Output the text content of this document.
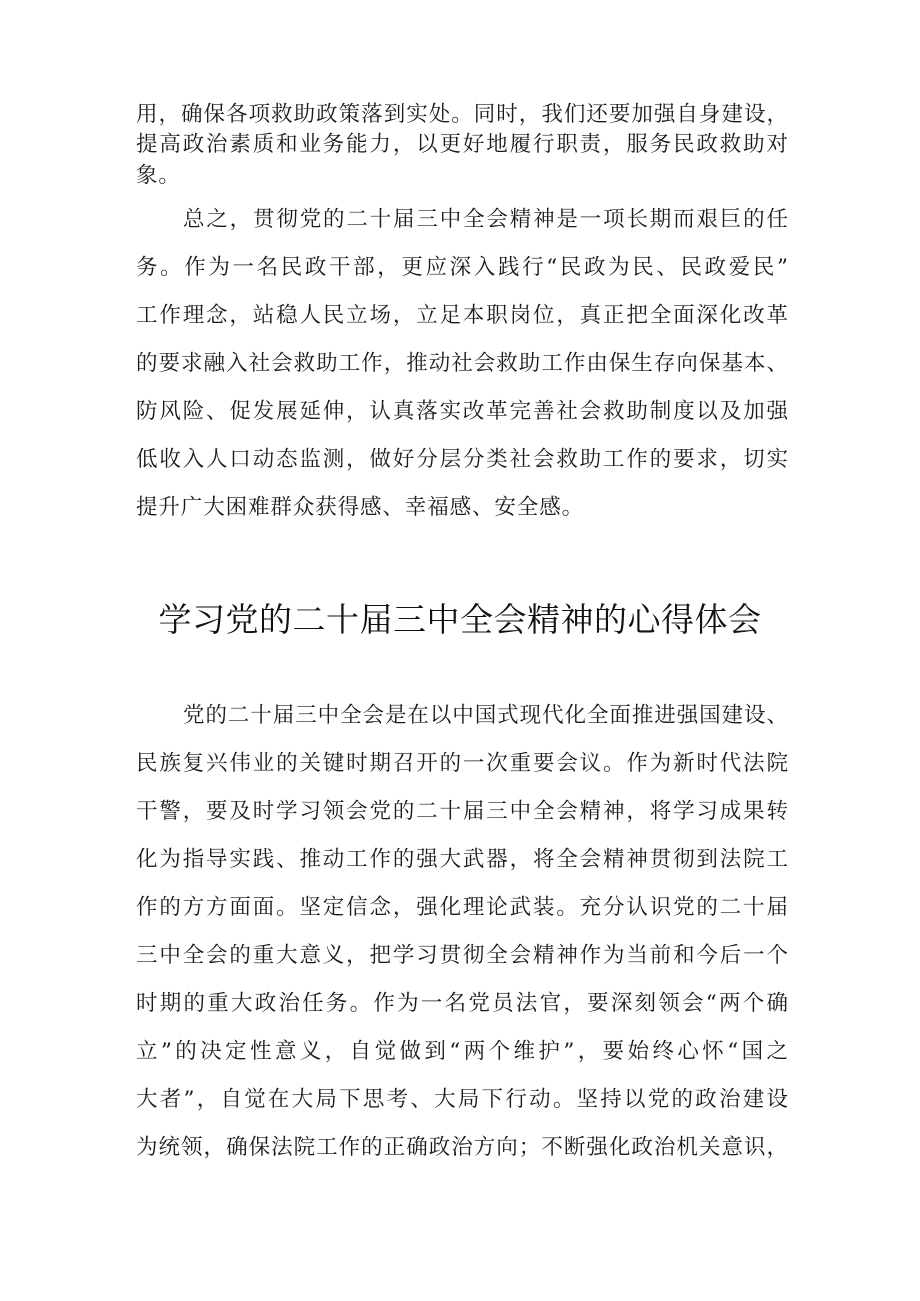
用，确保各项救助政策落到实处。同时，我们还要加强自身建设，
提高政治素质和业务能力，以更好地履行职责，服务民政救助对
象。
总之，贯彻党的二十届三中全会精神是一项长期而艰巨的任
务。作为一名民政干部，更应深入践行“民政为民、民政爱民”
工作理念，站稳人民立场，立足本职岗位，真正把全面深化改革
的要求融入社会救助工作，推动社会救助工作由保生存向保基本、
防风险、促发展延伸，认真落实改革完善社会救助制度以及加强
低收入人口动态监测，做好分层分类社会救助工作的要求，切实
提升广大困难群众获得感、幸福感、安全感。
党的二十届三中全会是在以中国式现代化全面推进强国建设、
民族复兴伟业的关键时期召开的一次重要会议。作为新时代法院
干警，要及时学习领会党的二十届三中全会精神，将学习成果转
化为指导实践、推动工作的强大武器，将全会精神贯彻到法院工
作的方方面面。坚定信念，强化理论武装。充分认识党的二十届
三中全会的重大意义，把学习贯彻全会精神作为当前和今后一个
时期的重大政治任务。作为一名党员法官，要深刻领会“两个确
立”的决定性意义，自觉做到“两个维护”，要始终心怀“国之
大者”，自觉在大局下思考、大局下行动。坚持以党的政治建设
为统领，确保法院工作的正确政治方向；不断强化政治机关意识，
学习党的二十届三中全会精神的心得体会
